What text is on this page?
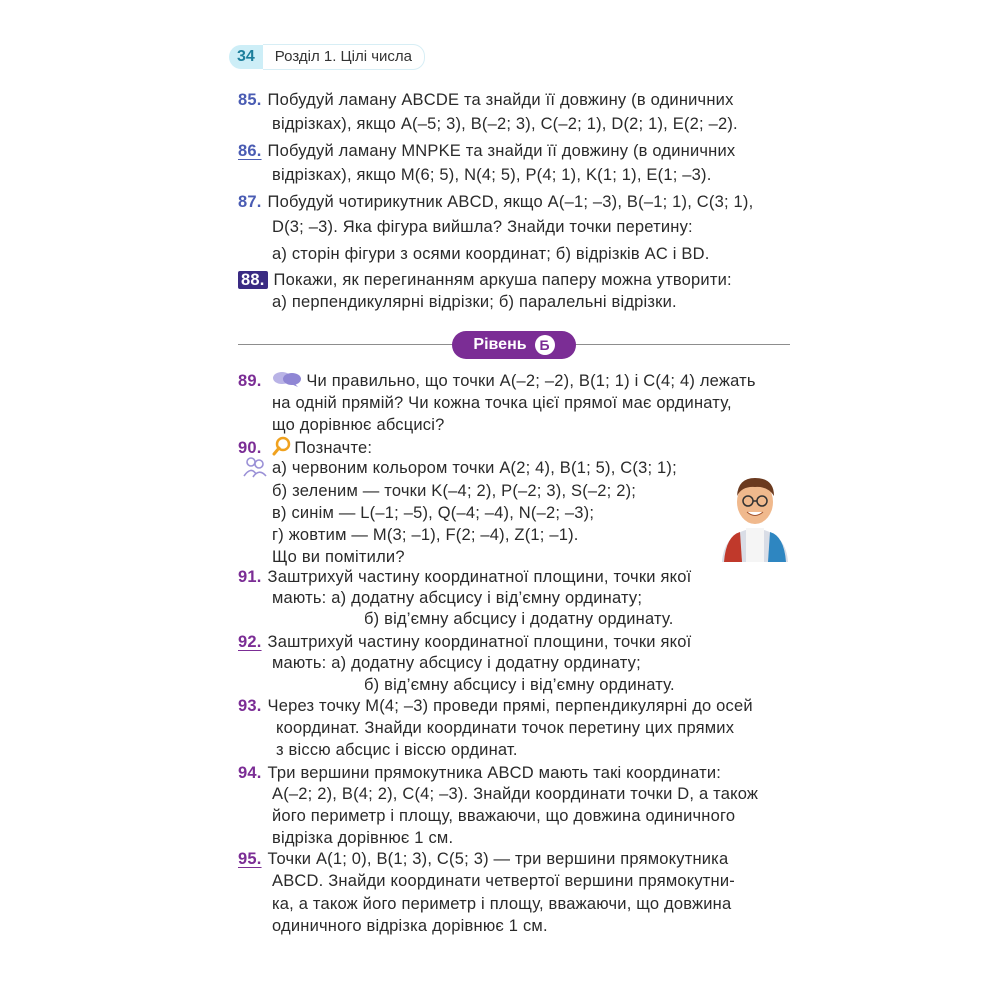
34	Розділ 1. Цілі числа
85. Побудуй ламану ABCDE та знайди її довжину (в одиничних
відрізках), якщо A(–5; 3), B(–2; 3), C(–2; 1), D(2; 1), E(2; –2).
86. Побудуй ламану MNPKE та знайди її довжину (в одиничних
відрізках), якщо M(6; 5), N(4; 5), P(4; 1), K(1; 1), E(1; –3).
87. Побудуй чотирикутник ABCD, якщо A(–1; –3), B(–1; 1), C(3; 1),
D(3; –3). Яка фігура вийшла? Знайди точки перетину:
а) сторін фігури з осями координат; б) відрізків AC і BD.
88. Покажи, як перегинанням аркуша паперу можна утворити:
а) перпендикулярні відрізки; б) паралельні відрізки.
Рівень Б
89.	Чи правильно, що точки A(–2; –2), B(1; 1) і C(4; 4) лежать
на одній прямій? Чи кожна точка цієї прямої має ординату,
що дорівнює абсцисі?
90. Позначте:
а) червоним кольором точки A(2; 4), B(1; 5), C(3; 1);
б) зеленим — точки K(–4; 2), P(–2; 3), S(–2; 2);
в) синім — L(–1; –5), Q(–4; –4), N(–2; –3);
г) жовтим — M(3; –1), F(2; –4), Z(1; –1).
Що ви помітили?
91. Заштрихуй частину координатної площини, точки якої
мають: а) додатну абсцису і від’ємну ординату;
б) від’ємну абсцису і додатну ординату.
92. Заштрихуй частину координатної площини, точки якої
мають: а) додатну абсцису і додатну ординату;
б) від’ємну абсцису і від’ємну ординату.
93. Через точку M(4; –3) проведи прямі, перпендикулярні до осей
координат. Знайди координати точок перетину цих прямих
з віссю абсцис і віссю ординат.
94. Три вершини прямокутника ABCD мають такі координати:
A(–2; 2), B(4; 2), C(4; –3). Знайди координати точки D, а також
його периметр і площу, вважаючи, що довжина одиничного
відрізка дорівнює 1 см.
95. Точки A(1; 0), B(1; 3), C(5; 3) — три вершини прямокутника
ABCD. Знайди координати четвертої вершини прямокутни-
ка, а також його периметр і площу, вважаючи, що довжина
одиничного відрізка дорівнює 1 см.
